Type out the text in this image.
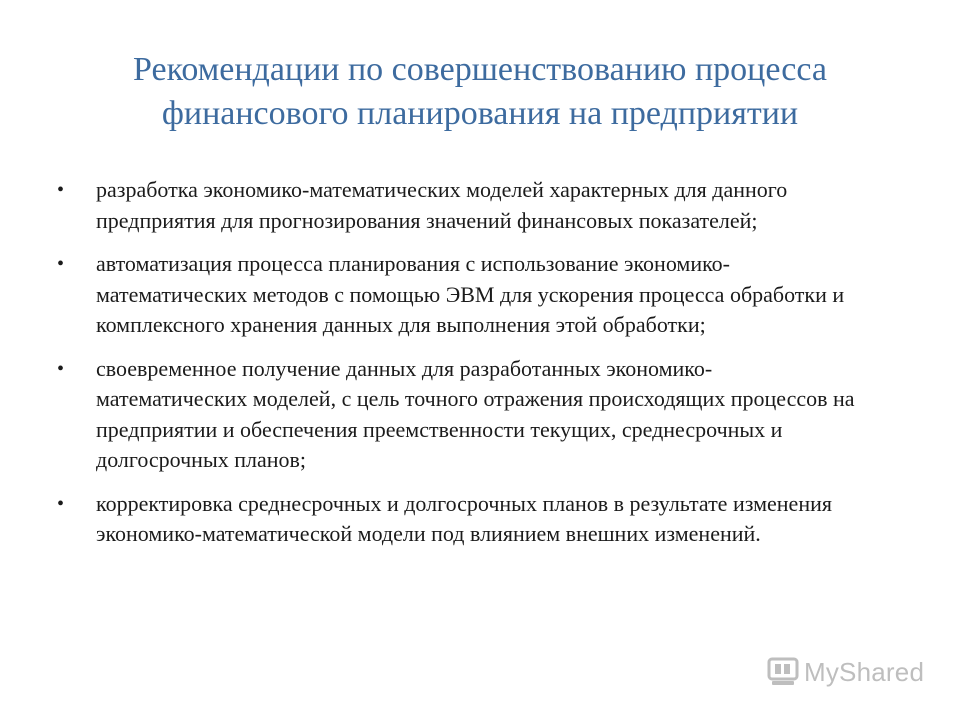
Рекомендации по совершенствованию процесса финансового планирования на предприятии
• разработка экономико-математических моделей характерных для данного предприятия для прогнозирования значений финансовых показателей;
• автоматизация процесса планирования с использование экономико-математических методов с помощью ЭВМ для ускорения процесса обработки и комплексного хранения данных для выполнения этой обработки;
• своевременное получение данных для разработанных экономико-математических моделей, с цель точного отражения происходящих процессов на предприятии и обеспечения преемственности текущих, среднесрочных и долгосрочных планов;
• корректировка среднесрочных и долгосрочных планов в результате изменения экономико-математической модели под влиянием внешних изменений.
MyShared
